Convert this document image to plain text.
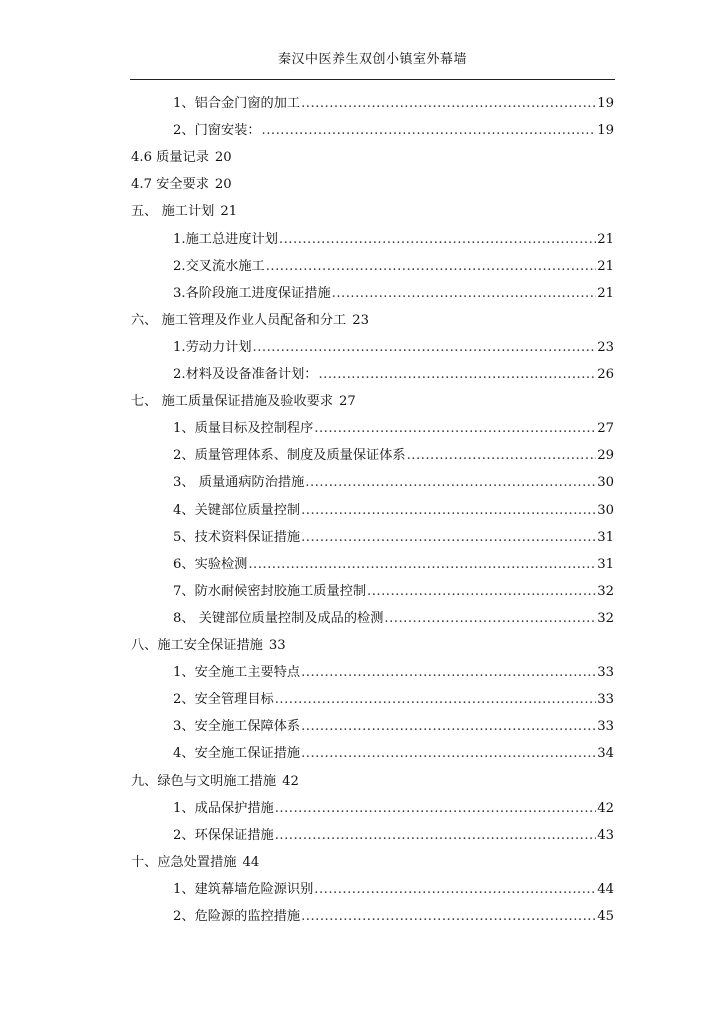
秦汉中医养生双创小镇室外幕墙
1、铝合金门窗的加工 .....	19
2、门窗安装： .....	19
4.6 质量记录 20
4.7 安全要求 20
五、 施工计划 21
1.施工总进度计划 .....	21
2.交叉流水施工 .....	21
3.各阶段施工进度保证措施 .....	21
六、 施工管理及作业人员配备和分工 23
1.劳动力计划 .....	23
2.材料及设备准备计划： .....	26
七、 施工质量保证措施及验收要求 27
1、质量目标及控制程序 .....	27
2、质量管理体系、制度及质量保证体系 .....	29
3、 质量通病防治措施 .....	30
4、关键部位质量控制 .....	30
5、技术资料保证措施 .....	31
6、实验检测 .....	31
7、防水耐候密封胶施工质量控制 .....	32
8、 关键部位质量控制及成品的检测 .....	32
八、施工安全保证措施 33
1、安全施工主要特点 .....	33
2、安全管理目标 .....	33
3、安全施工保障体系 .....	33
4、安全施工保证措施 .....	34
九、绿色与文明施工措施 42
1、成品保护措施 .....	42
2、环保保证措施 .....	43
十、应急处置措施 44
1、建筑幕墙危险源识别 .....	44
2、危险源的监控措施 .....	45
